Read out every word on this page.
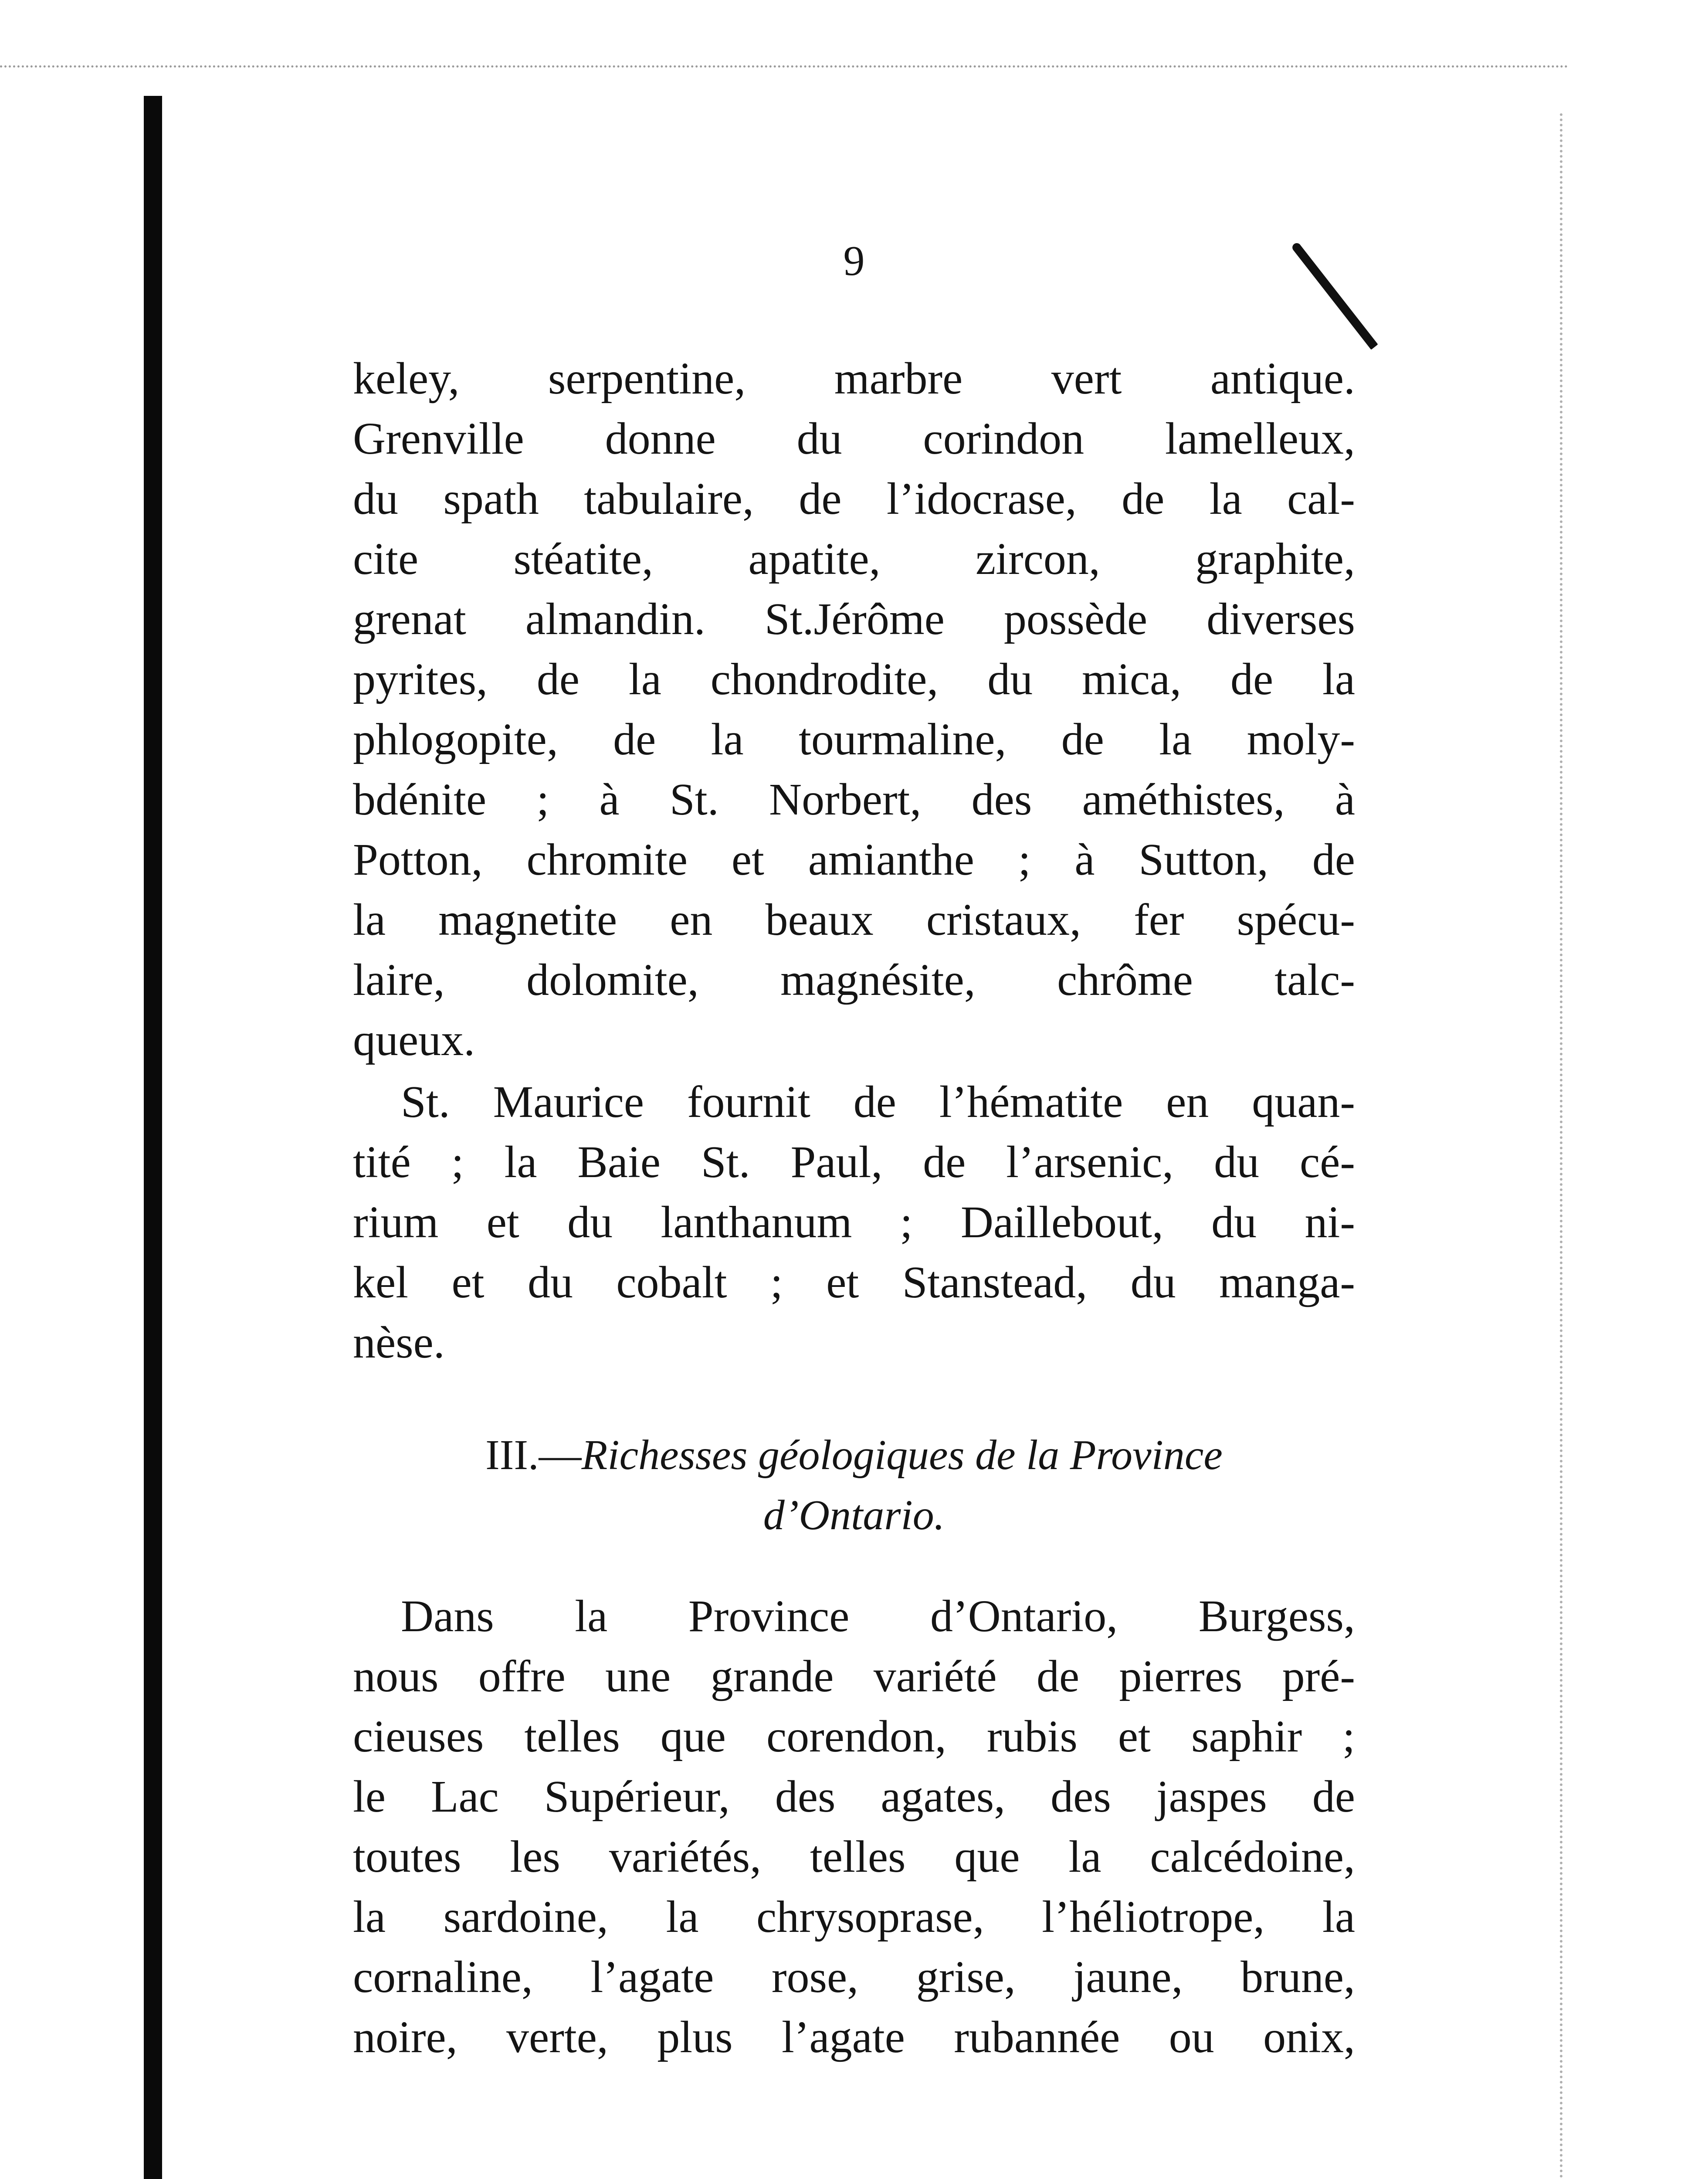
9
keley, serpentine, marbre vert antique.
Grenville donne du corindon lamelleux,
du spath tabulaire, de l’idocrase, de la cal-
cite stéatite, apatite, zircon, graphite,
grenat almandin. St.Jérôme possède diverses
pyrites, de la chondrodite, du mica, de la
phlogopite, de la tourmaline, de la moly-
bdénite ; à St. Norbert, des améthistes, à
Potton, chromite et amianthe ; à Sutton, de
la magnetite en beaux cristaux, fer spécu-
laire, dolomite, magnésite, chrôme talc-
queux.
St. Maurice fournit de l’hématite en quan-
tité ; la Baie St. Paul, de l’arsenic, du cé-
rium et du lanthanum ; Daillebout, du ni-
kel et du cobalt ; et Stanstead, du manga-
nèse.
III.—Richesses géologiques de la Province
d’Ontario.
Dans la Province d’Ontario, Burgess,
nous offre une grande variété de pierres pré-
cieuses telles que corendon, rubis et saphir ;
le Lac Supérieur, des agates, des jaspes de
toutes les variétés, telles que la calcédoine,
la sardoine, la chrysoprase, l’héliotrope, la
cornaline, l’agate rose, grise, jaune, brune,
noire, verte, plus l’agate rubannée ou onix,
